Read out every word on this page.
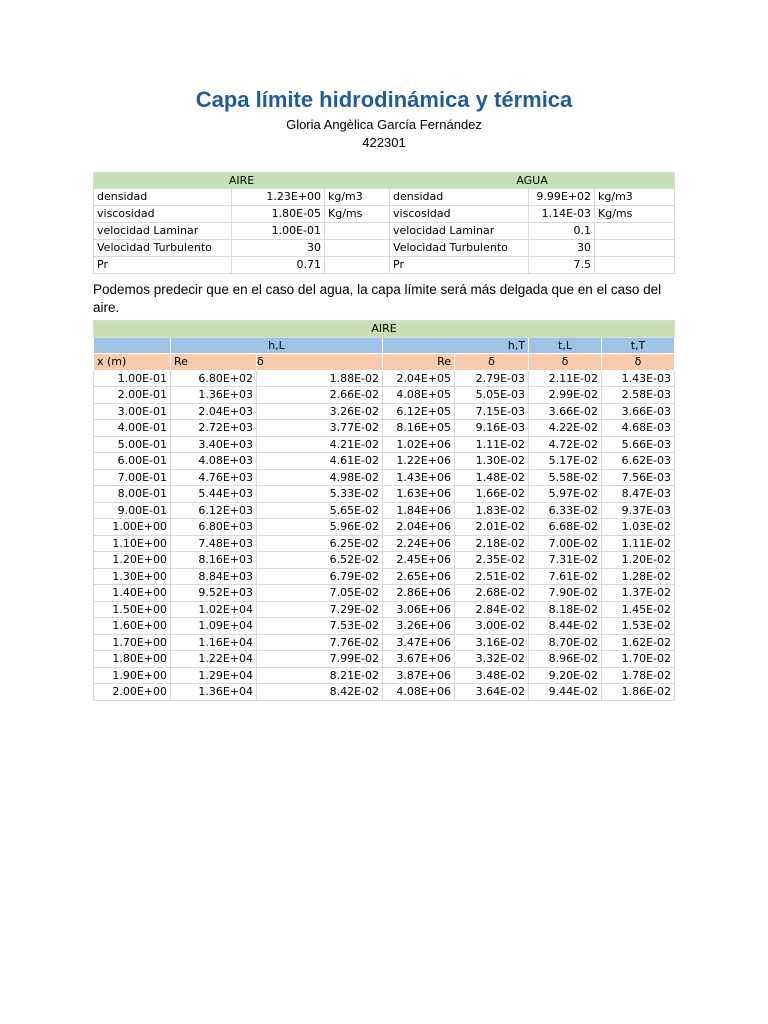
Capa límite hidrodinámica y térmica
Gloria Angèlica García Fernández
422301
AIRE			AGUA		
densidad	1.23E+00	kg/m3	densidad	9.99E+02	kg/m3
viscosidad	1.80E-05	Kg/ms	viscosidad	1.14E-03	Kg/ms
velocidad Laminar	1.00E-01		velocidad Laminar	0.1	
Velocidad Turbulento	30		Velocidad Turbulento	30	
Pr	0.71		Pr	7.5	
Podemos predecir que en el caso del agua, la capa límite será más delgada que en el caso del aire.
AIRE						
	h,L		h,T		t,L	t,T
x (m)	Re	δ	Re	δ	δ	δ
1.00E-01	6.80E+02	1.88E-02	2.04E+05	2.79E-03	2.11E-02	1.43E-03
2.00E-01	1.36E+03	2.66E-02	4.08E+05	5.05E-03	2.99E-02	2.58E-03
3.00E-01	2.04E+03	3.26E-02	6.12E+05	7.15E-03	3.66E-02	3.66E-03
4.00E-01	2.72E+03	3.77E-02	8.16E+05	9.16E-03	4.22E-02	4.68E-03
5.00E-01	3.40E+03	4.21E-02	1.02E+06	1.11E-02	4.72E-02	5.66E-03
6.00E-01	4.08E+03	4.61E-02	1.22E+06	1.30E-02	5.17E-02	6.62E-03
7.00E-01	4.76E+03	4.98E-02	1.43E+06	1.48E-02	5.58E-02	7.56E-03
8.00E-01	5.44E+03	5.33E-02	1.63E+06	1.66E-02	5.97E-02	8.47E-03
9.00E-01	6.12E+03	5.65E-02	1.84E+06	1.83E-02	6.33E-02	9.37E-03
1.00E+00	6.80E+03	5.96E-02	2.04E+06	2.01E-02	6.68E-02	1.03E-02
1.10E+00	7.48E+03	6.25E-02	2.24E+06	2.18E-02	7.00E-02	1.11E-02
1.20E+00	8.16E+03	6.52E-02	2.45E+06	2.35E-02	7.31E-02	1.20E-02
1.30E+00	8.84E+03	6.79E-02	2.65E+06	2.51E-02	7.61E-02	1.28E-02
1.40E+00	9.52E+03	7.05E-02	2.86E+06	2.68E-02	7.90E-02	1.37E-02
1.50E+00	1.02E+04	7.29E-02	3.06E+06	2.84E-02	8.18E-02	1.45E-02
1.60E+00	1.09E+04	7.53E-02	3.26E+06	3.00E-02	8.44E-02	1.53E-02
1.70E+00	1.16E+04	7.76E-02	3.47E+06	3.16E-02	8.70E-02	1.62E-02
1.80E+00	1.22E+04	7.99E-02	3.67E+06	3.32E-02	8.96E-02	1.70E-02
1.90E+00	1.29E+04	8.21E-02	3.87E+06	3.48E-02	9.20E-02	1.78E-02
2.00E+00	1.36E+04	8.42E-02	4.08E+06	3.64E-02	9.44E-02	1.86E-02
